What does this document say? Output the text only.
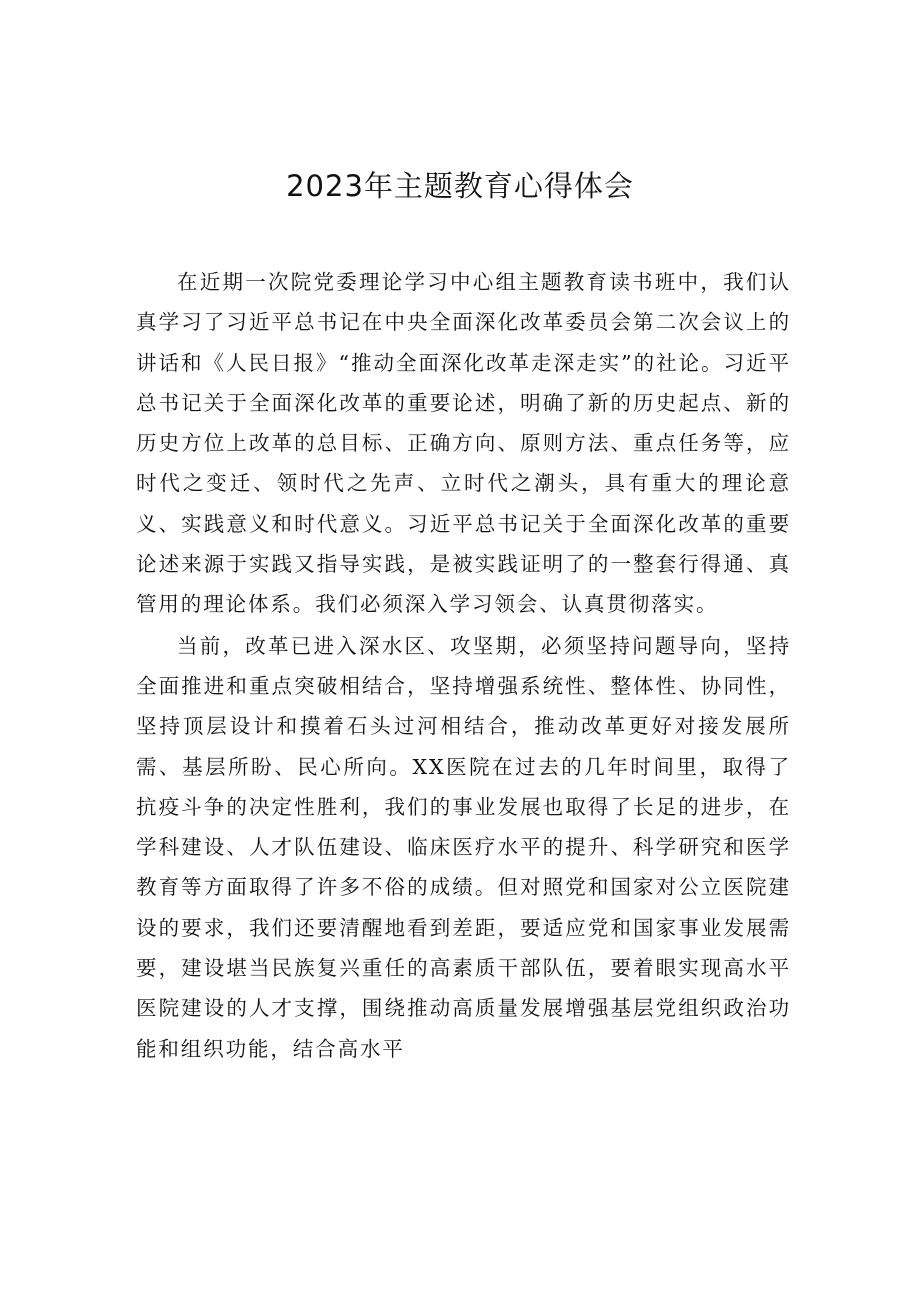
2023年主题教育心得体会

在近期一次院党委理论学习中心组主题教育读书班中，我们认真学习了习近平总书记在中央全面深化改革委员会第二次会议上的讲话和《人民日报》“推动全面深化改革走深走实”的社论。习近平总书记关于全面深化改革的重要论述，明确了新的历史起点、新的历史方位上改革的总目标、正确方向、原则方法、重点任务等，应时代之变迁、领时代之先声、立时代之潮头，具有重大的理论意义、实践意义和时代意义。习近平总书记关于全面深化改革的重要论述来源于实践又指导实践，是被实践证明了的一整套行得通、真管用的理论体系。我们必须深入学习领会、认真贯彻落实。

当前，改革已进入深水区、攻坚期，必须坚持问题导向，坚持全面推进和重点突破相结合，坚持增强系统性、整体性、协同性，坚持顶层设计和摸着石头过河相结合，推动改革更好对接发展所需、基层所盼、民心所向。XX医院在过去的几年时间里，取得了抗疫斗争的决定性胜利，我们的事业发展也取得了长足的进步，在学科建设、人才队伍建设、临床医疗水平的提升、科学研究和医学教育等方面取得了许多不俗的成绩。但对照党和国家对公立医院建设的要求，我们还要清醒地看到差距，要适应党和国家事业发展需要，建设堪当民族复兴重任的高素质干部队伍，要着眼实现高水平医院建设的人才支撑，围绕推动高质量发展增强基层党组织政治功能和组织功能，结合高水平
